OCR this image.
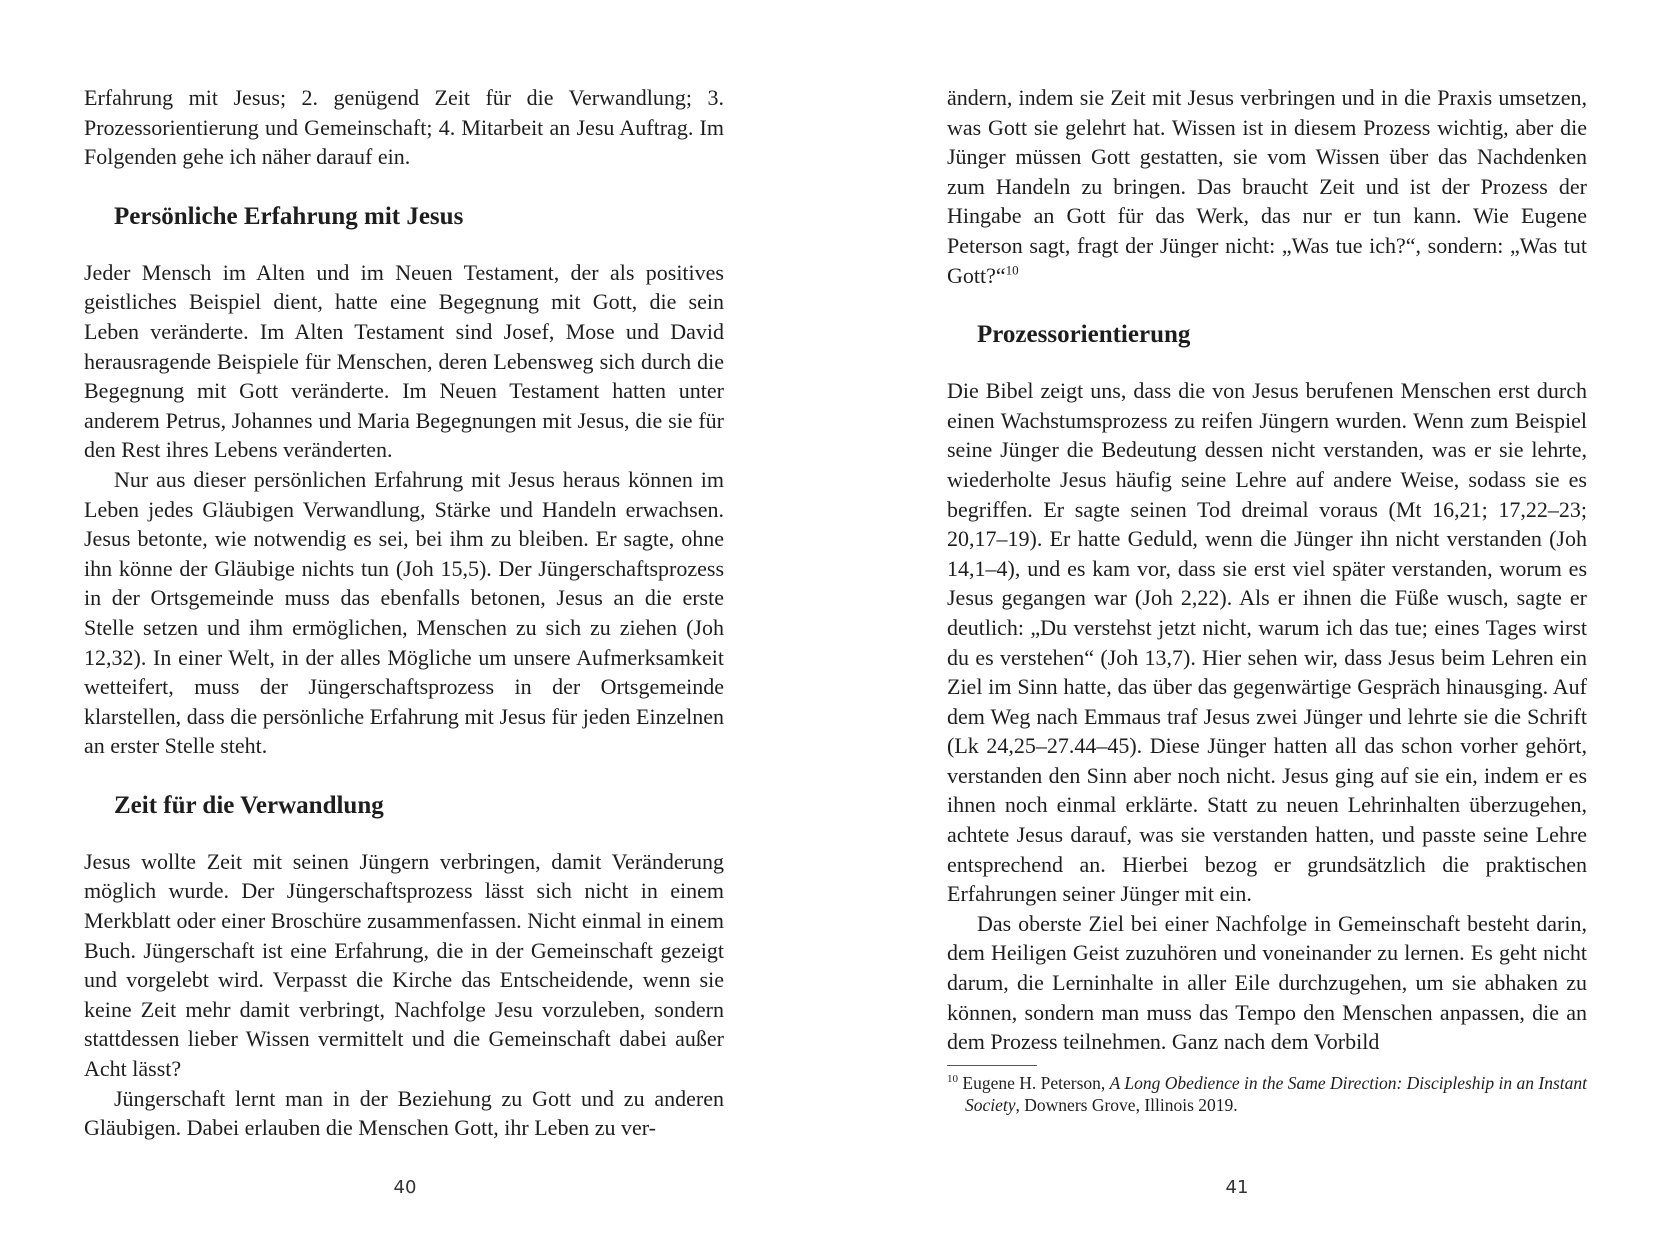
Erfahrung mit Jesus; 2. genügend Zeit für die Verwandlung; 3. Prozessorientierung und Gemeinschaft; 4. Mitarbeit an Jesu Auftrag. Im Folgenden gehe ich näher darauf ein.

Persönliche Erfahrung mit Jesus

Jeder Mensch im Alten und im Neuen Testament, der als positives geistliches Beispiel dient, hatte eine Begegnung mit Gott, die sein Leben veränderte. Im Alten Testament sind Josef, Mose und David herausragende Beispiele für Menschen, deren Lebensweg sich durch die Begegnung mit Gott veränderte. Im Neuen Testament hatten unter anderem Petrus, Johannes und Maria Begegnungen mit Jesus, die sie für den Rest ihres Lebens veränderten.

Nur aus dieser persönlichen Erfahrung mit Jesus heraus können im Leben jedes Gläubigen Verwandlung, Stärke und Handeln erwachsen. Jesus betonte, wie notwendig es sei, bei ihm zu bleiben. Er sagte, ohne ihn könne der Gläubige nichts tun (Joh 15,5). Der Jüngerschaftsprozess in der Ortsgemeinde muss das ebenfalls betonen, Jesus an die erste Stelle setzen und ihm ermöglichen, Menschen zu sich zu ziehen (Joh 12,32). In einer Welt, in der alles Mögliche um unsere Aufmerksamkeit wetteifert, muss der Jüngerschaftsprozess in der Ortsgemeinde klarstellen, dass die persönliche Erfahrung mit Jesus für jeden Einzelnen an erster Stelle steht.

Zeit für die Verwandlung

Jesus wollte Zeit mit seinen Jüngern verbringen, damit Veränderung möglich wurde. Der Jüngerschaftsprozess lässt sich nicht in einem Merkblatt oder einer Broschüre zusammenfassen. Nicht einmal in einem Buch. Jüngerschaft ist eine Erfahrung, die in der Gemeinschaft gezeigt und vorgelebt wird. Verpasst die Kirche das Entscheidende, wenn sie keine Zeit mehr damit verbringt, Nachfolge Jesu vorzuleben, sondern stattdessen lieber Wissen vermittelt und die Gemeinschaft dabei außer Acht lässt?

Jüngerschaft lernt man in der Beziehung zu Gott und zu anderen Gläubigen. Dabei erlauben die Menschen Gott, ihr Leben zu ver-

40

ändern, indem sie Zeit mit Jesus verbringen und in die Praxis umsetzen, was Gott sie gelehrt hat. Wissen ist in diesem Prozess wichtig, aber die Jünger müssen Gott gestatten, sie vom Wissen über das Nachdenken zum Handeln zu bringen. Das braucht Zeit und ist der Prozess der Hingabe an Gott für das Werk, das nur er tun kann. Wie Eugene Peterson sagt, fragt der Jünger nicht: „Was tue ich?“, sondern: „Was tut Gott?“$^{10}$

Prozessorientierung

Die Bibel zeigt uns, dass die von Jesus berufenen Menschen erst durch einen Wachstumsprozess zu reifen Jüngern wurden. Wenn zum Beispiel seine Jünger die Bedeutung dessen nicht verstanden, was er sie lehrte, wiederholte Jesus häufig seine Lehre auf andere Weise, sodass sie es begriffen. Er sagte seinen Tod dreimal voraus (Mt 16,21; 17,22–23; 20,17–19). Er hatte Geduld, wenn die Jünger ihn nicht verstanden (Joh 14,1–4), und es kam vor, dass sie erst viel später verstanden, worum es Jesus gegangen war (Joh 2,22). Als er ihnen die Füße wusch, sagte er deutlich: „Du verstehst jetzt nicht, warum ich das tue; eines Tages wirst du es verstehen“ (Joh 13,7). Hier sehen wir, dass Jesus beim Lehren ein Ziel im Sinn hatte, das über das gegenwärtige Gespräch hinausging. Auf dem Weg nach Emmaus traf Jesus zwei Jünger und lehrte sie die Schrift (Lk 24,25–27.44–45). Diese Jünger hatten all das schon vorher gehört, verstanden den Sinn aber noch nicht. Jesus ging auf sie ein, indem er es ihnen noch einmal erklärte. Statt zu neuen Lehrinhalten überzugehen, achtete Jesus darauf, was sie verstanden hatten, und passte seine Lehre entsprechend an. Hierbei bezog er grundsätzlich die praktischen Erfahrungen seiner Jünger mit ein.

Das oberste Ziel bei einer Nachfolge in Gemeinschaft besteht darin, dem Heiligen Geist zuzuhören und voneinander zu lernen. Es geht nicht darum, die Lerninhalte in aller Eile durchzugehen, um sie abhaken zu können, sondern man muss das Tempo den Menschen anpassen, die an dem Prozess teilnehmen. Ganz nach dem Vorbild

$^{10}$ Eugene H. Peterson, A Long Obedience in the Same Direction: Discipleship in an Instant Society, Downers Grove, Illinois 2019.
41
